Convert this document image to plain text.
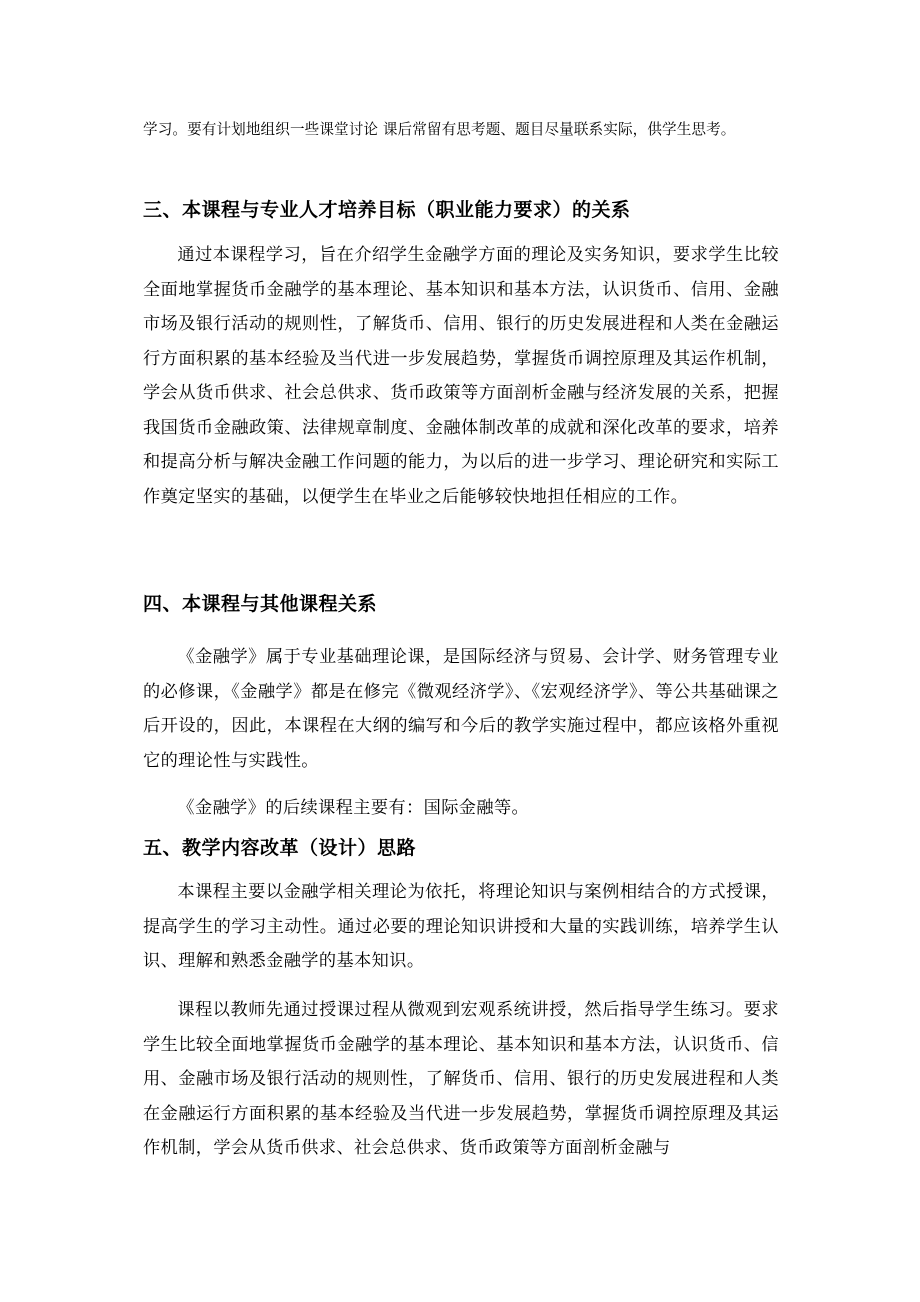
学习。要有计划地组织一些课堂讨论 课后常留有思考题、题目尽量联系实际，供学生思考。
三、本课程与专业人才培养目标（职业能力要求）的关系
通过本课程学习，旨在介绍学生金融学方面的理论及实务知识，要求学生比较全面地掌握货币金融学的基本理论、基本知识和基本方法，认识货币、信用、金融市场及银行活动的规则性，了解货币、信用、银行的历史发展进程和人类在金融运行方面积累的基本经验及当代进一步发展趋势，掌握货币调控原理及其运作机制，学会从货币供求、社会总供求、货币政策等方面剖析金融与经济发展的关系，把握我国货币金融政策、法律规章制度、金融体制改革的成就和深化改革的要求，培养和提高分析与解决金融工作问题的能力，为以后的进一步学习、理论研究和实际工作奠定坚实的基础，以便学生在毕业之后能够较快地担任相应的工作。
四、本课程与其他课程关系
《金融学》属于专业基础理论课，是国际经济与贸易、会计学、财务管理专业的必修课，《金融学》都是在修完《微观经济学》、《宏观经济学》、等公共基础课之后开设的，因此，本课程在大纲的编写和今后的教学实施过程中，都应该格外重视它的理论性与实践性。
《金融学》的后续课程主要有：国际金融等。
五、教学内容改革（设计）思路
本课程主要以金融学相关理论为依托，将理论知识与案例相结合的方式授课，提高学生的学习主动性。通过必要的理论知识讲授和大量的实践训练，培养学生认识、理解和熟悉金融学的基本知识。
课程以教师先通过授课过程从微观到宏观系统讲授，然后指导学生练习。要求学生比较全面地掌握货币金融学的基本理论、基本知识和基本方法，认识货币、信用、金融市场及银行活动的规则性，了解货币、信用、银行的历史发展进程和人类在金融运行方面积累的基本经验及当代进一步发展趋势，掌握货币调控原理及其运作机制，学会从货币供求、社会总供求、货币政策等方面剖析金融与
